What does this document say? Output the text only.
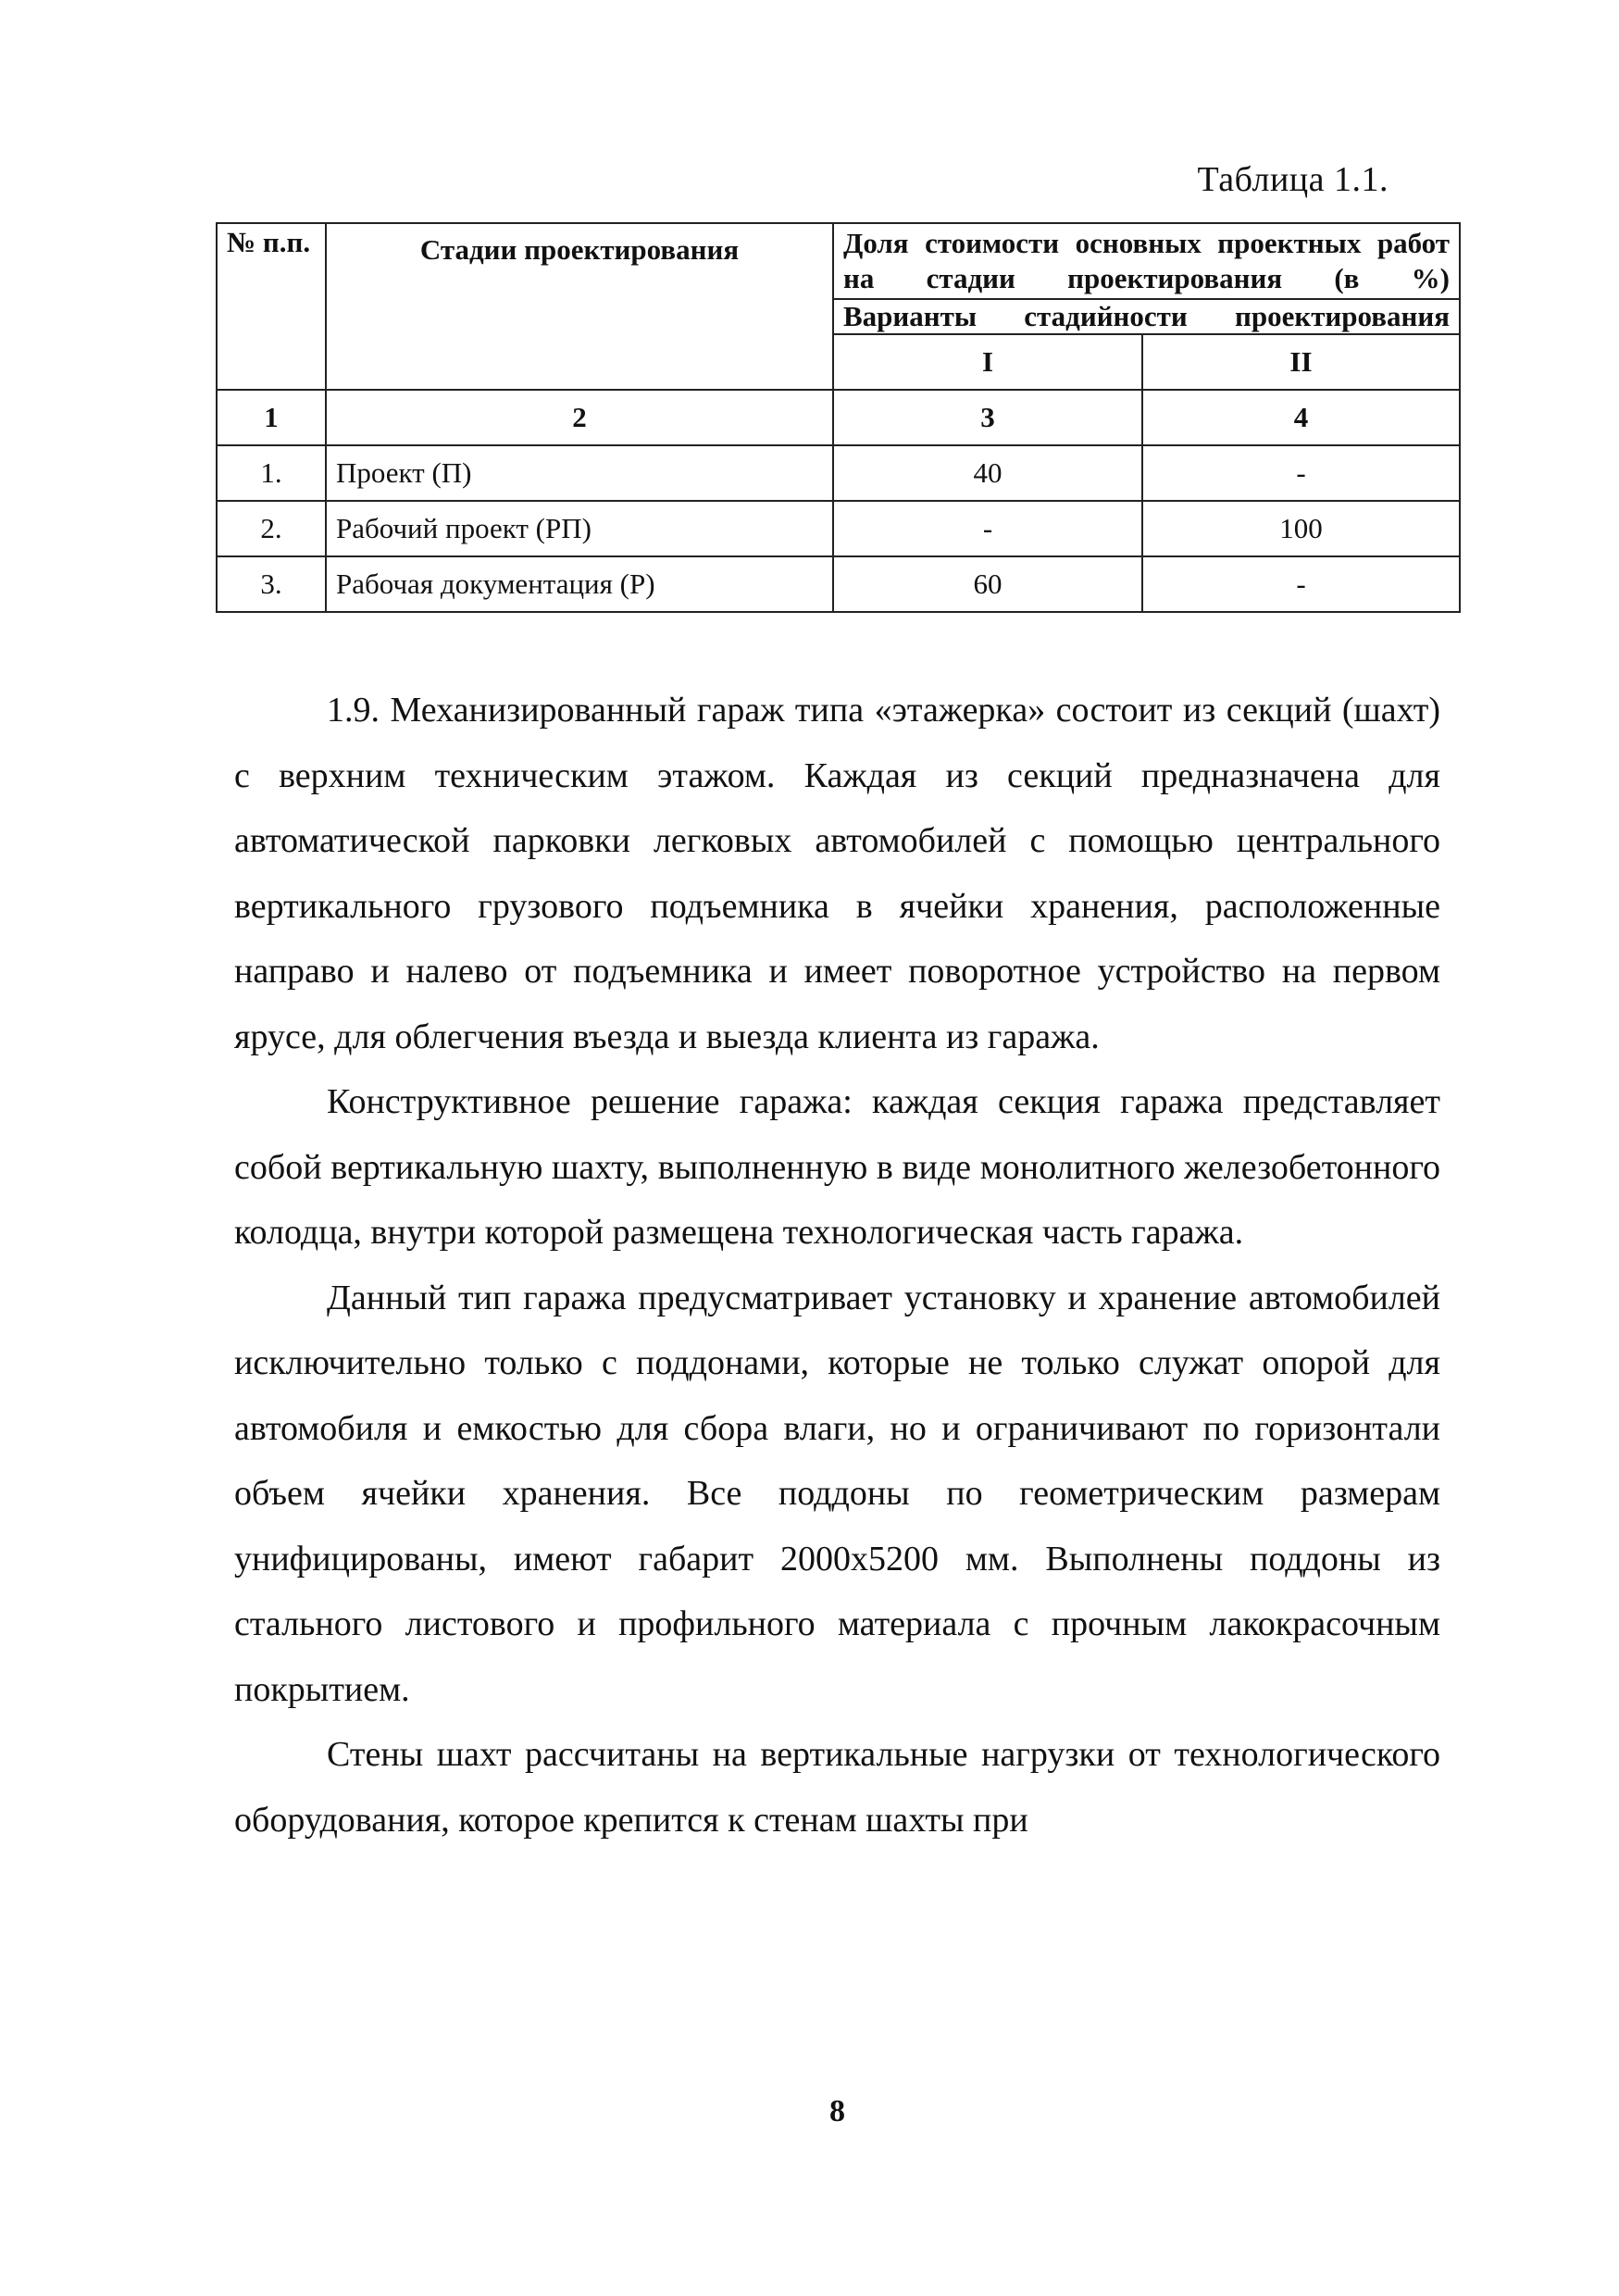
Таблица 1.1.
№ п.п.	Стадии проектирования	Доля стоимости основных проектных работ на стадии проектирования (в %)	
		Варианты стадийности проектирования	
		I	II
1	2	3	4
1.	Проект (П)	40	-
2.	Рабочий проект (РП)	-	100
3.	Рабочая документация (Р)	60	-

1.9. Механизированный гараж типа «этажерка» состоит из секций (шахт) с верхним техническим этажом. Каждая из секций предназначена для автоматической парковки легковых автомобилей с помощью центрального вертикального грузового подъемника в ячейки хранения, расположенные направо и налево от подъемника и имеет поворотное устройство на первом ярусе, для облегчения въезда и выезда клиента из гаража.

Конструктивное решение гаража: каждая секция гаража представляет собой вертикальную шахту, выполненную в виде монолитного железобетонного колодца, внутри которой размещена технологическая часть гаража.

Данный тип гаража предусматривает установку и хранение автомобилей исключительно только с поддонами, которые не только служат опорой для автомобиля и емкостью для сбора влаги, но и ограничивают по горизонтали объем ячейки хранения. Все поддоны по геометрическим размерам унифицированы, имеют габарит 2000х5200 мм. Выполнены поддоны из стального листового и профильного материала с прочным лакокрасочным покрытием.

Стены шахт рассчитаны на вертикальные нагрузки от технологического оборудования, которое крепится к стенам шахты при

8
